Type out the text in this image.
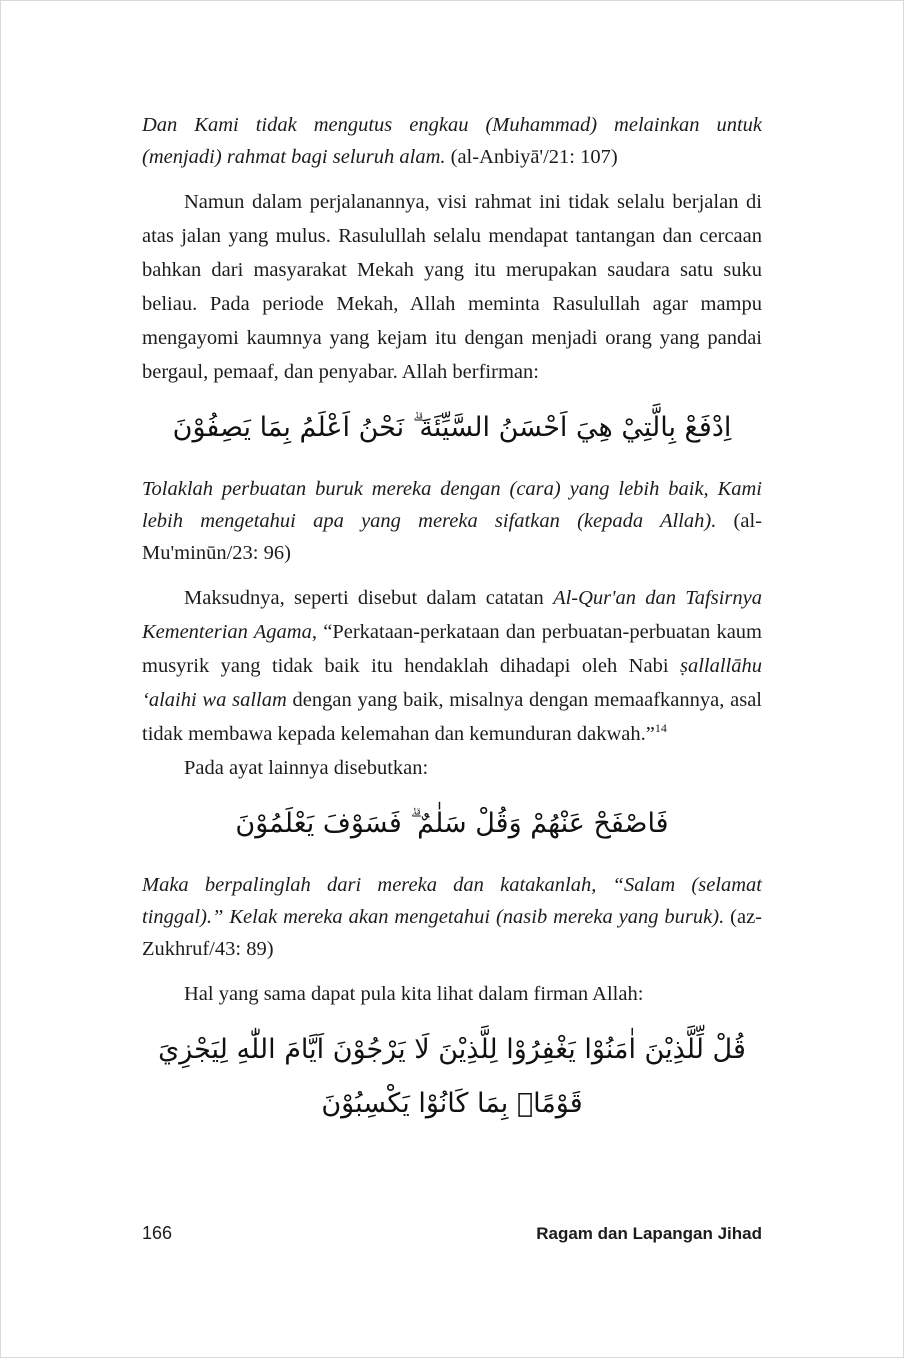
Dan Kami tidak mengutus engkau (Muhammad) melainkan untuk (menjadi) rahmat bagi seluruh alam. (al-Anbiyā'/21: 107)

Namun dalam perjalanannya, visi rahmat ini tidak selalu berjalan di atas jalan yang mulus. Rasulullah selalu mendapat tantangan dan cercaan bahkan dari masyarakat Mekah yang itu merupakan saudara satu suku beliau. Pada periode Mekah, Allah meminta Rasulullah agar mampu mengayomi kaumnya yang kejam itu dengan menjadi orang yang pandai bergaul, pemaaf, dan penyabar. Allah berfirman:

اِدْفَعْ بِالَّتِيْ هِيَ اَحْسَنُ السَّيِّئَةَ ۗ نَحْنُ اَعْلَمُ بِمَا يَصِفُوْنَ

Tolaklah perbuatan buruk mereka dengan (cara) yang lebih baik, Kami lebih mengetahui apa yang mereka sifatkan (kepada Allah). (al-Mu'minūn/23: 96)

Maksudnya, seperti disebut dalam catatan Al-Qur'an dan Tafsirnya Kementerian Agama, “Perkataan-perkataan dan perbuatan-perbuatan kaum musyrik yang tidak baik itu hendaklah dihadapi oleh Nabi ṣallallāhu ‘alaihi wa sallam dengan yang baik, misalnya dengan memaafkannya, asal tidak membawa kepada kelemahan dan kemunduran dakwah.”$^{14}$

Pada ayat lainnya disebutkan:

فَاصْفَحْ عَنْهُمْ وَقُلْ سَلٰمٌ ۗ فَسَوْفَ يَعْلَمُوْنَ

Maka berpalinglah dari mereka dan katakanlah, “Salam (selamat tinggal).” Kelak mereka akan mengetahui (nasib mereka yang buruk). (az-Zukhruf/43: 89)

Hal yang sama dapat pula kita lihat dalam firman Allah:

قُلْ لِّلَّذِيْنَ اٰمَنُوْا يَغْفِرُوْا لِلَّذِيْنَ لَا يَرْجُوْنَ اَيَّامَ اللّٰهِ لِيَجْزِيَ قَوْمًاۢ بِمَا كَانُوْا يَكْسِبُوْنَ

166	Ragam dan Lapangan Jihad
